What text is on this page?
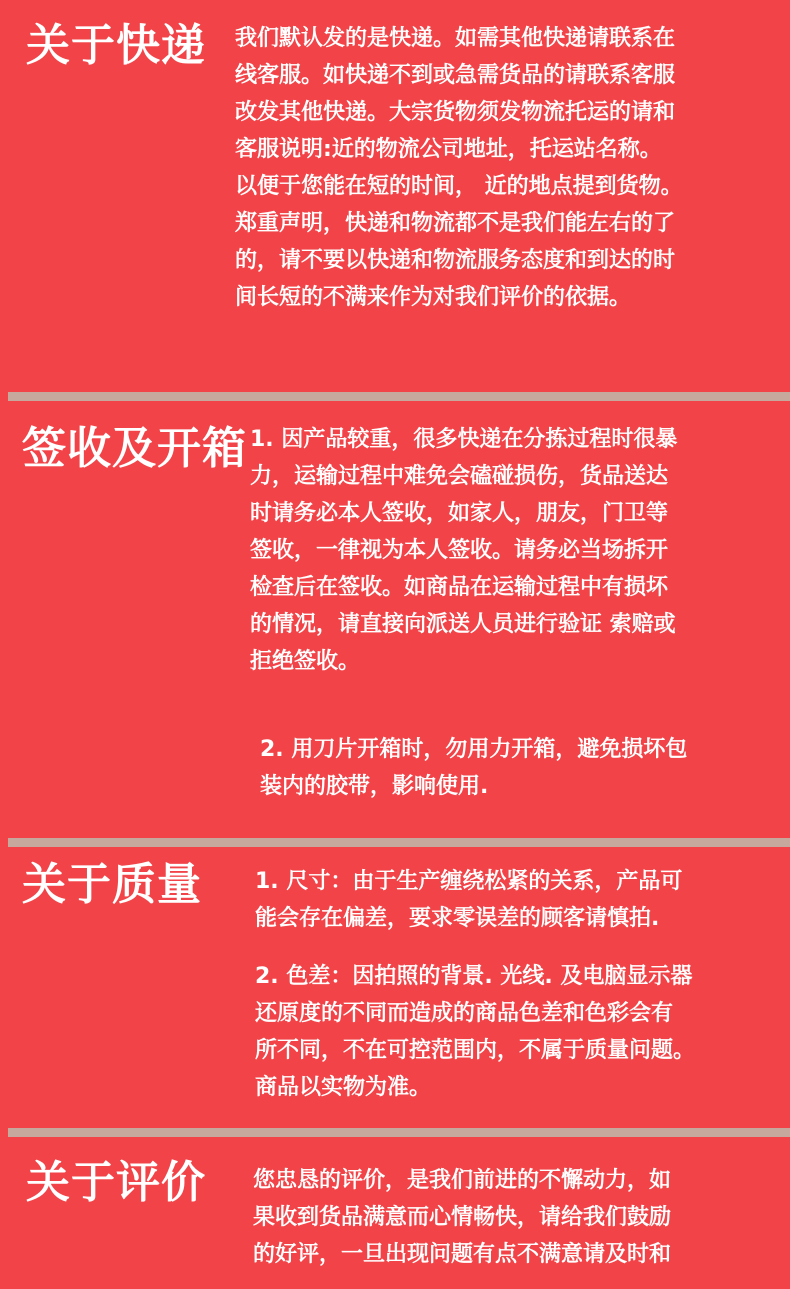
关于快递 我们默认发的是快递。如需其他快递请联系在
线客服。如快递不到或急需货品的请联系客服
改发其他快递。大宗货物须发物流托运的请和
客服说明:近的物流公司地址，托运站名称。
以便于您能在短的时间， 近的地点提到货物。
郑重声明，快递和物流都不是我们能左右的了
的，请不要以快递和物流服务态度和到达的时
间长短的不满来作为对我们评价的依据。
签收及开箱 1. 因产品较重，很多快递在分拣过程时很暴
力，运输过程中难免会磕碰损伤，货品送达
时请务必本人签收，如家人，朋友，门卫等
签收，一律视为本人签收。请务必当场拆开
检查后在签收。如商品在运输过程中有损坏
的情况，请直接向派送人员进行验证 索赔或
拒绝签收。
2. 用刀片开箱时，勿用力开箱，避免损坏包
装内的胶带，影响使用.
关于质量 1. 尺寸：由于生产缠绕松紧的关系，产品可
能会存在偏差，要求零误差的顾客请慎拍.
2. 色差：因拍照的背景. 光线. 及电脑显示器
还原度的不同而造成的商品色差和色彩会有
所不同，不在可控范围内，不属于质量问题。
商品以实物为准。
关于评价 您忠恳的评价，是我们前进的不懈动力，如
果收到货品满意而心情畅快，请给我们鼓励
的好评，一旦出现问题有点不满意请及时和
